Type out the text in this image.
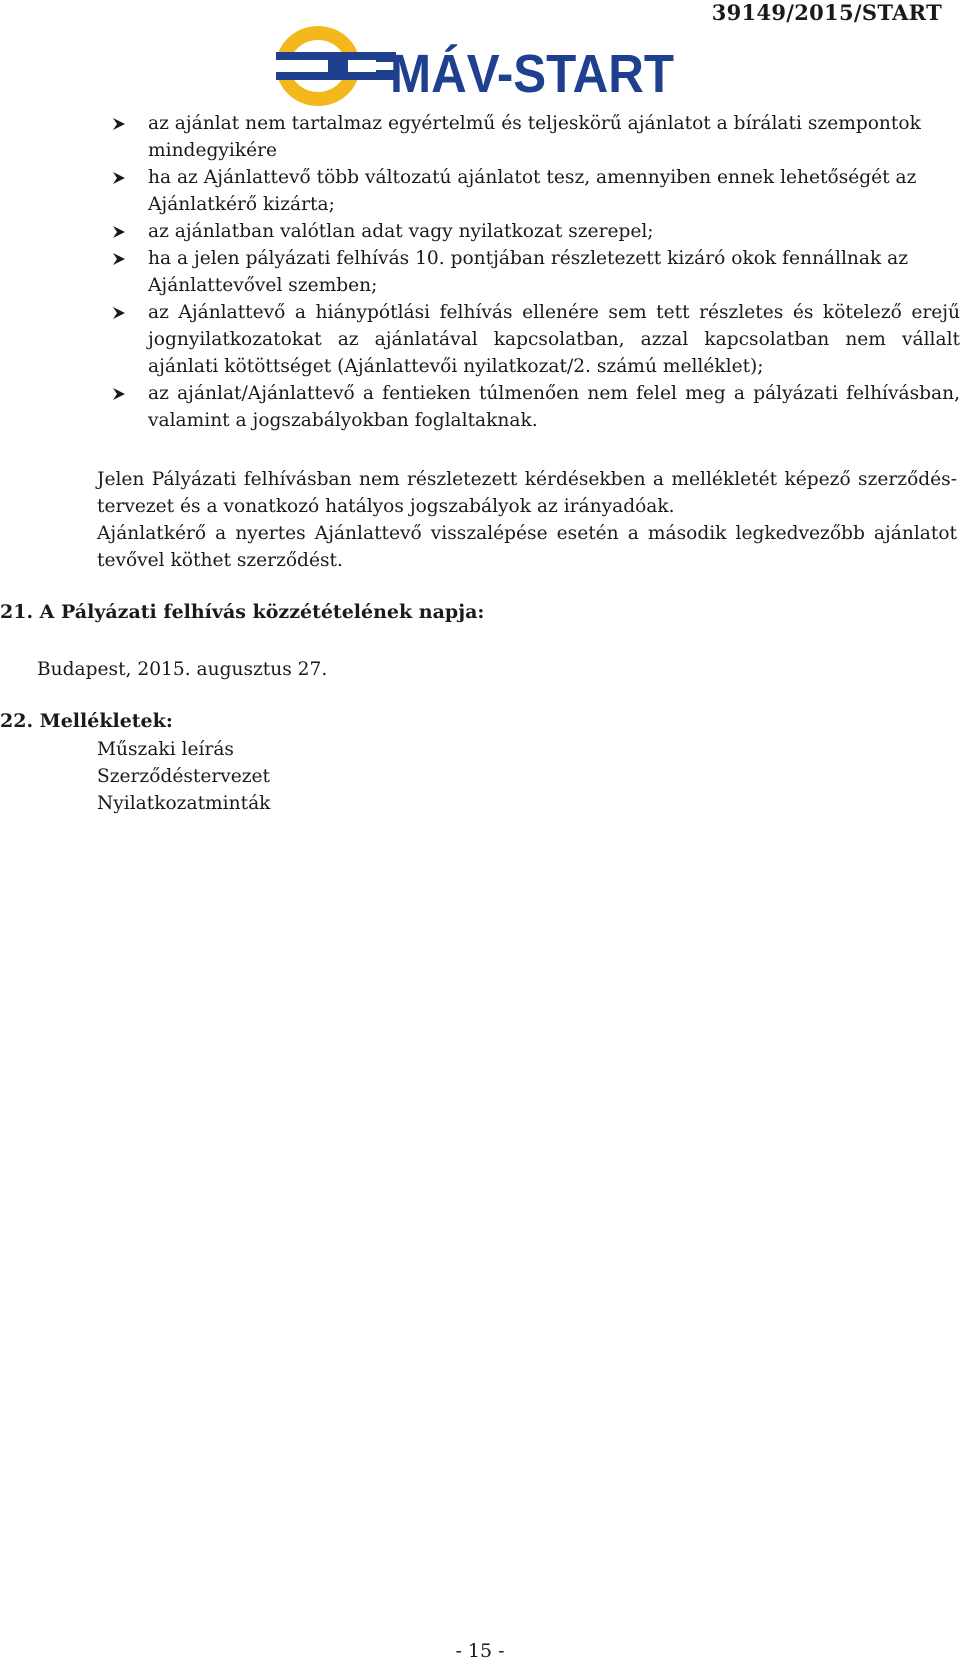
39149/2015/START
MÁV-START
az ajánlat nem tartalmaz egyértelmű és teljeskörű ajánlatot a bírálati szempontok mindegyikére
ha az Ajánlattevő több változatú ajánlatot tesz, amennyiben ennek lehetőségét az Ajánlatkérő kizárta;
az ajánlatban valótlan adat vagy nyilatkozat szerepel;
ha a jelen pályázati felhívás 10. pontjában részletezett kizáró okok fennállnak az Ajánlattevővel szemben;
az Ajánlattevő a hiánypótlási felhívás ellenére sem tett részletes és kötelező erejű jognyilatkozatokat az ajánlatával kapcsolatban, azzal kapcsolatban nem vállalt ajánlati kötöttséget (Ajánlattevői nyilatkozat/2. számú melléklet);
az ajánlat/Ajánlattevő a fentieken túlmenően nem felel meg a pályázati felhívásban, valamint a jogszabályokban foglaltaknak.

Jelen Pályázati felhívásban nem részletezett kérdésekben a mellékletét képező szerződés-tervezet és a vonatkozó hatályos jogszabályok az irányadóak.

Ajánlatkérő a nyertes Ajánlattevő visszalépése esetén a második legkedvezőbb ajánlatot tevővel köthet szerződést.

21. A Pályázati felhívás közzétételének napja:

Budapest, 2015. augusztus 27.

22. Mellékletek:
Műszaki leírás
Szerződéstervezet
Nyilatkozatminták
- 15 -
